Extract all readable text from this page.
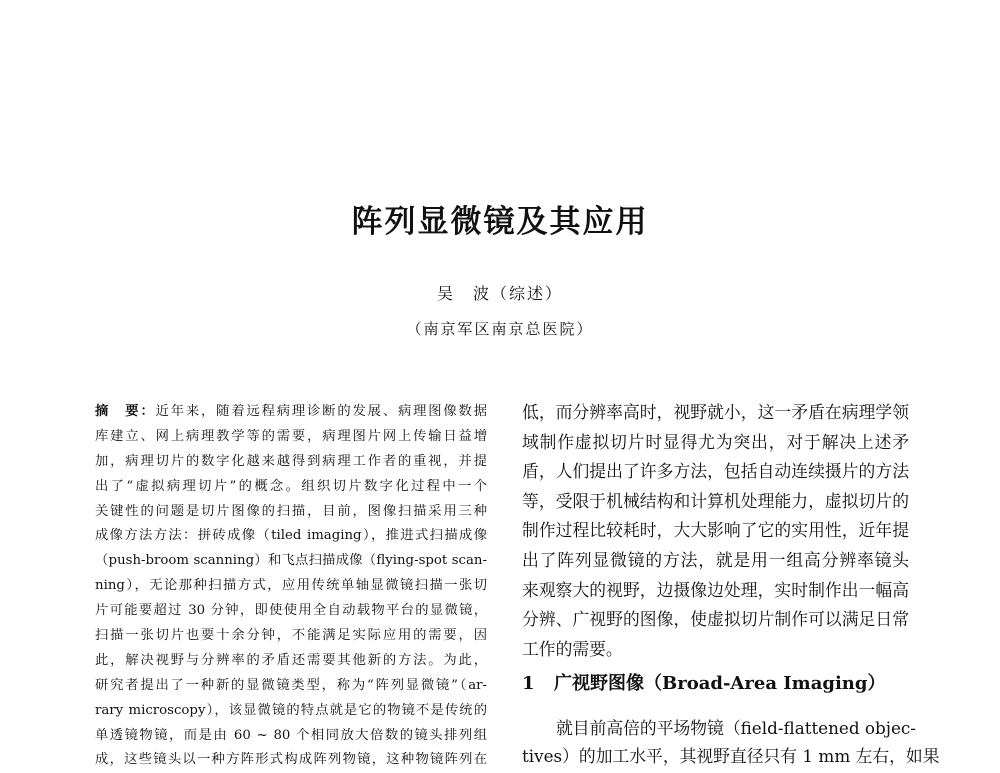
阵列显微镜及其应用
吴　波（综述）
（南京军区南京总医院）
摘　要：近年来，随着远程病理诊断的发展、病理图像数据
库建立、网上病理教学等的需要，病理图片网上传输日益增
加，病理切片的数字化越来越得到病理工作者的重视，并提
出了“虚拟病理切片”的概念。组织切片数字化过程中一个
关键性的问题是切片图像的扫描，目前，图像扫描采用三种
成像方法方法：拼砖成像（tiled imaging），推进式扫描成像
（push-broom scanning）和飞点扫描成像（flying-spot scan-
ning），无论那种扫描方式，应用传统单轴显微镜扫描一张切
片可能要超过 30 分钟，即使使用全自动载物平台的显微镜，
扫描一张切片也要十余分钟，不能满足实际应用的需要，因
此，解决视野与分辨率的矛盾还需要其他新的方法。为此，
研究者提出了一种新的显微镜类型，称为“阵列显微镜”（ar-
rary microscopy），该显微镜的特点就是它的物镜不是传统的
单透镜物镜，而是由 60 ~ 80 个相同放大倍数的镜头排列组
成，这些镜头以一种方阵形式构成阵列物镜，这种物镜阵列在
低，而分辨率高时，视野就小，这一矛盾在病理学领
域制作虚拟切片时显得尤为突出，对于解决上述矛
盾，人们提出了许多方法，包括自动连续摄片的方法
等，受限于机械结构和计算机处理能力，虚拟切片的
制作过程比较耗时，大大影响了它的实用性，近年提
出了阵列显微镜的方法，就是用一组高分辨率镜头
来观察大的视野，边摄像边处理，实时制作出一幅高
分辨、广视野的图像，使虚拟切片制作可以满足日常
工作的需要。
1 广视野图像（Broad-Area Imaging）
就目前高倍的平场物镜（field-flattened objec-
tives）的加工水平，其视野直径只有 1 mm 左右，如果
